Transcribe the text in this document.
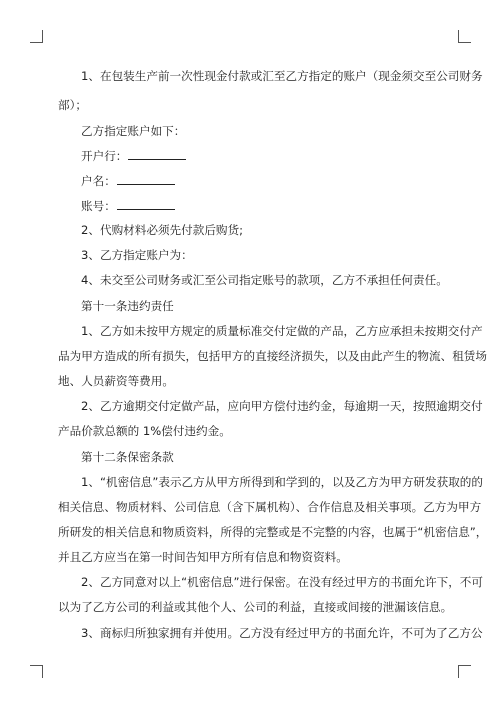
1、在包装生产前一次性现金付款或汇至乙方指定的账户（现金须交至公司财务
部）；
乙方指定账户如下：
开户行：
户名：
账号：
2、代购材料必须先付款后购货;
3、乙方指定账户为：
4、未交至公司财务或汇至公司指定账号的款项，乙方不承担任何责任。
第十一条违约责任
1、乙方如未按甲方规定的质量标准交付定做的产品，乙方应承担未按期交付产
品为甲方造成的所有损失，包括甲方的直接经济损失，以及由此产生的物流、租赁场
地、人员薪资等费用。
2、乙方逾期交付定做产品，应向甲方偿付违约金，每逾期一天，按照逾期交付
产品价款总额的 1%偿付违约金。
第十二条保密条款
1、“机密信息”表示乙方从甲方所得到和学到的，以及乙方为甲方研发获取的的
相关信息、物质材料、公司信息（含下属机构）、合作信息及相关事项。乙方为甲方
所研发的相关信息和物质资料，所得的完整或是不完整的内容，也属于“机密信息”，
并且乙方应当在第一时间告知甲方所有信息和物资资料。
2、乙方同意对以上“机密信息”进行保密。在没有经过甲方的书面允许下，不可
以为了乙方公司的利益或其他个人、公司的利益，直接或间接的泄漏该信息。
3、商标归所独家拥有并使用。乙方没有经过甲方的书面允许，不可为了乙方公
